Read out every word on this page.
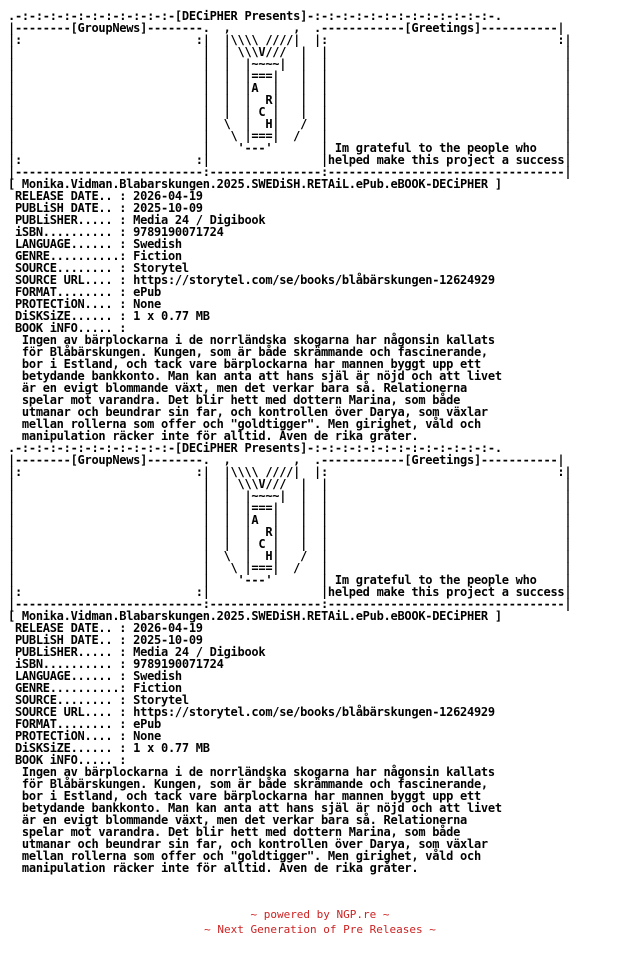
.-:-:-:-:-:-:-:-:-:-:-:-[DECiPHER Presents]-:-:-:-:-:-:-:-:-:-:-:-:-:-.
|--------[GroupNews]--------.  ,         ,  .------------[Greetings]-----------|
|:                         :|  |\\\\ ////|  |:                                 :|
|                           |  | \\\V///  |  |                                  |
|                           |  |  |~~~~|  |  |                                  |
|                           |  |  |===|   |  |                                  |
|                           |  |  |A  |   |  |                                  |
|                           |  |  |  R|   |  |                                  |
|                           |  |  | C |   |  |                                  |
|                           |  \  |  H|   /  |                                  |
|                           |   \ |===|  /   |                                  |
|                           |    '---'       | Im grateful to the people who    |
|:                         :|                |helped make this project a success|
|---------------------------:----------------:----------------------------------|
[ Monika.Vidman.Blabarskungen.2025.SWEDiSH.RETAiL.ePub.eBOOK-DECiPHER ]
RELEASE DATE.. : 2026-04-19
PUBLiSH DATE.. : 2025-10-09
PUBLiSHER..... : Media 24 / Digibook
iSBN.......... : 9789190071724
LANGUAGE...... : Swedish
GENRE..........: Fiction
SOURCE........ : Storytel
SOURCE URL.... : https://storytel.com/se/books/blåbärskungen-12624929
FORMAT........ : ePub
PROTECTiON.... : None
DiSKSiZE...... : 1 x 0.77 MB
BOOK iNFO..... :
Ingen av bärplockarna i de norrländska skogarna har någonsin kallats
för Blåbärskungen. Kungen, som är både skrämmande och fascinerande,
bor i Estland, och tack vare bärplockarna har mannen byggt upp ett
betydande bankkonto. Man kan anta att hans själ är nöjd och att livet
är en evigt blommande växt, men det verkar bara så. Relationerna
spelar mot varandra. Det blir hett med dottern Marina, som både
utmanar och beundrar sin far, och kontrollen över Darya, som växlar
mellan rollerna som offer och "goldtigger". Men girighet, våld och
manipulation räcker inte för alltid. Även de rika gråter.
.-:-:-:-:-:-:-:-:-:-:-:-[DECiPHER Presents]-:-:-:-:-:-:-:-:-:-:-:-:-:-.
|--------[GroupNews]--------.  ,         ,  .------------[Greetings]-----------|
|:                         :|  |\\\\ ////|  |:                                 :|
|                           |  | \\\V///  |  |                                  |
|                           |  |  |~~~~|  |  |                                  |
|                           |  |  |===|   |  |                                  |
|                           |  |  |A  |   |  |                                  |
|                           |  |  |  R|   |  |                                  |
|                           |  |  | C |   |  |                                  |
|                           |  \  |  H|   /  |                                  |
|                           |   \ |===|  /   |                                  |
|                           |    '---'       | Im grateful to the people who    |
|:                         :|                |helped make this project a success|
|---------------------------:----------------:----------------------------------|
[ Monika.Vidman.Blabarskungen.2025.SWEDiSH.RETAiL.ePub.eBOOK-DECiPHER ]
RELEASE DATE.. : 2026-04-19
PUBLiSH DATE.. : 2025-10-09
PUBLiSHER..... : Media 24 / Digibook
iSBN.......... : 9789190071724
LANGUAGE...... : Swedish
GENRE..........: Fiction
SOURCE........ : Storytel
SOURCE URL.... : https://storytel.com/se/books/blåbärskungen-12624929
FORMAT........ : ePub
PROTECTiON.... : None
DiSKSiZE...... : 1 x 0.77 MB
BOOK iNFO..... :
Ingen av bärplockarna i de norrländska skogarna har någonsin kallats
för Blåbärskungen. Kungen, som är både skrämmande och fascinerande,
bor i Estland, och tack vare bärplockarna har mannen byggt upp ett
betydande bankkonto. Man kan anta att hans själ är nöjd och att livet
är en evigt blommande växt, men det verkar bara så. Relationerna
spelar mot varandra. Det blir hett med dottern Marina, som både
utmanar och beundrar sin far, och kontrollen över Darya, som växlar
mellan rollerna som offer och "goldtigger". Men girighet, våld och
manipulation räcker inte för alltid. Även de rika gråter.

~ powered by NGP.re ~
~ Next Generation of Pre Releases ~
